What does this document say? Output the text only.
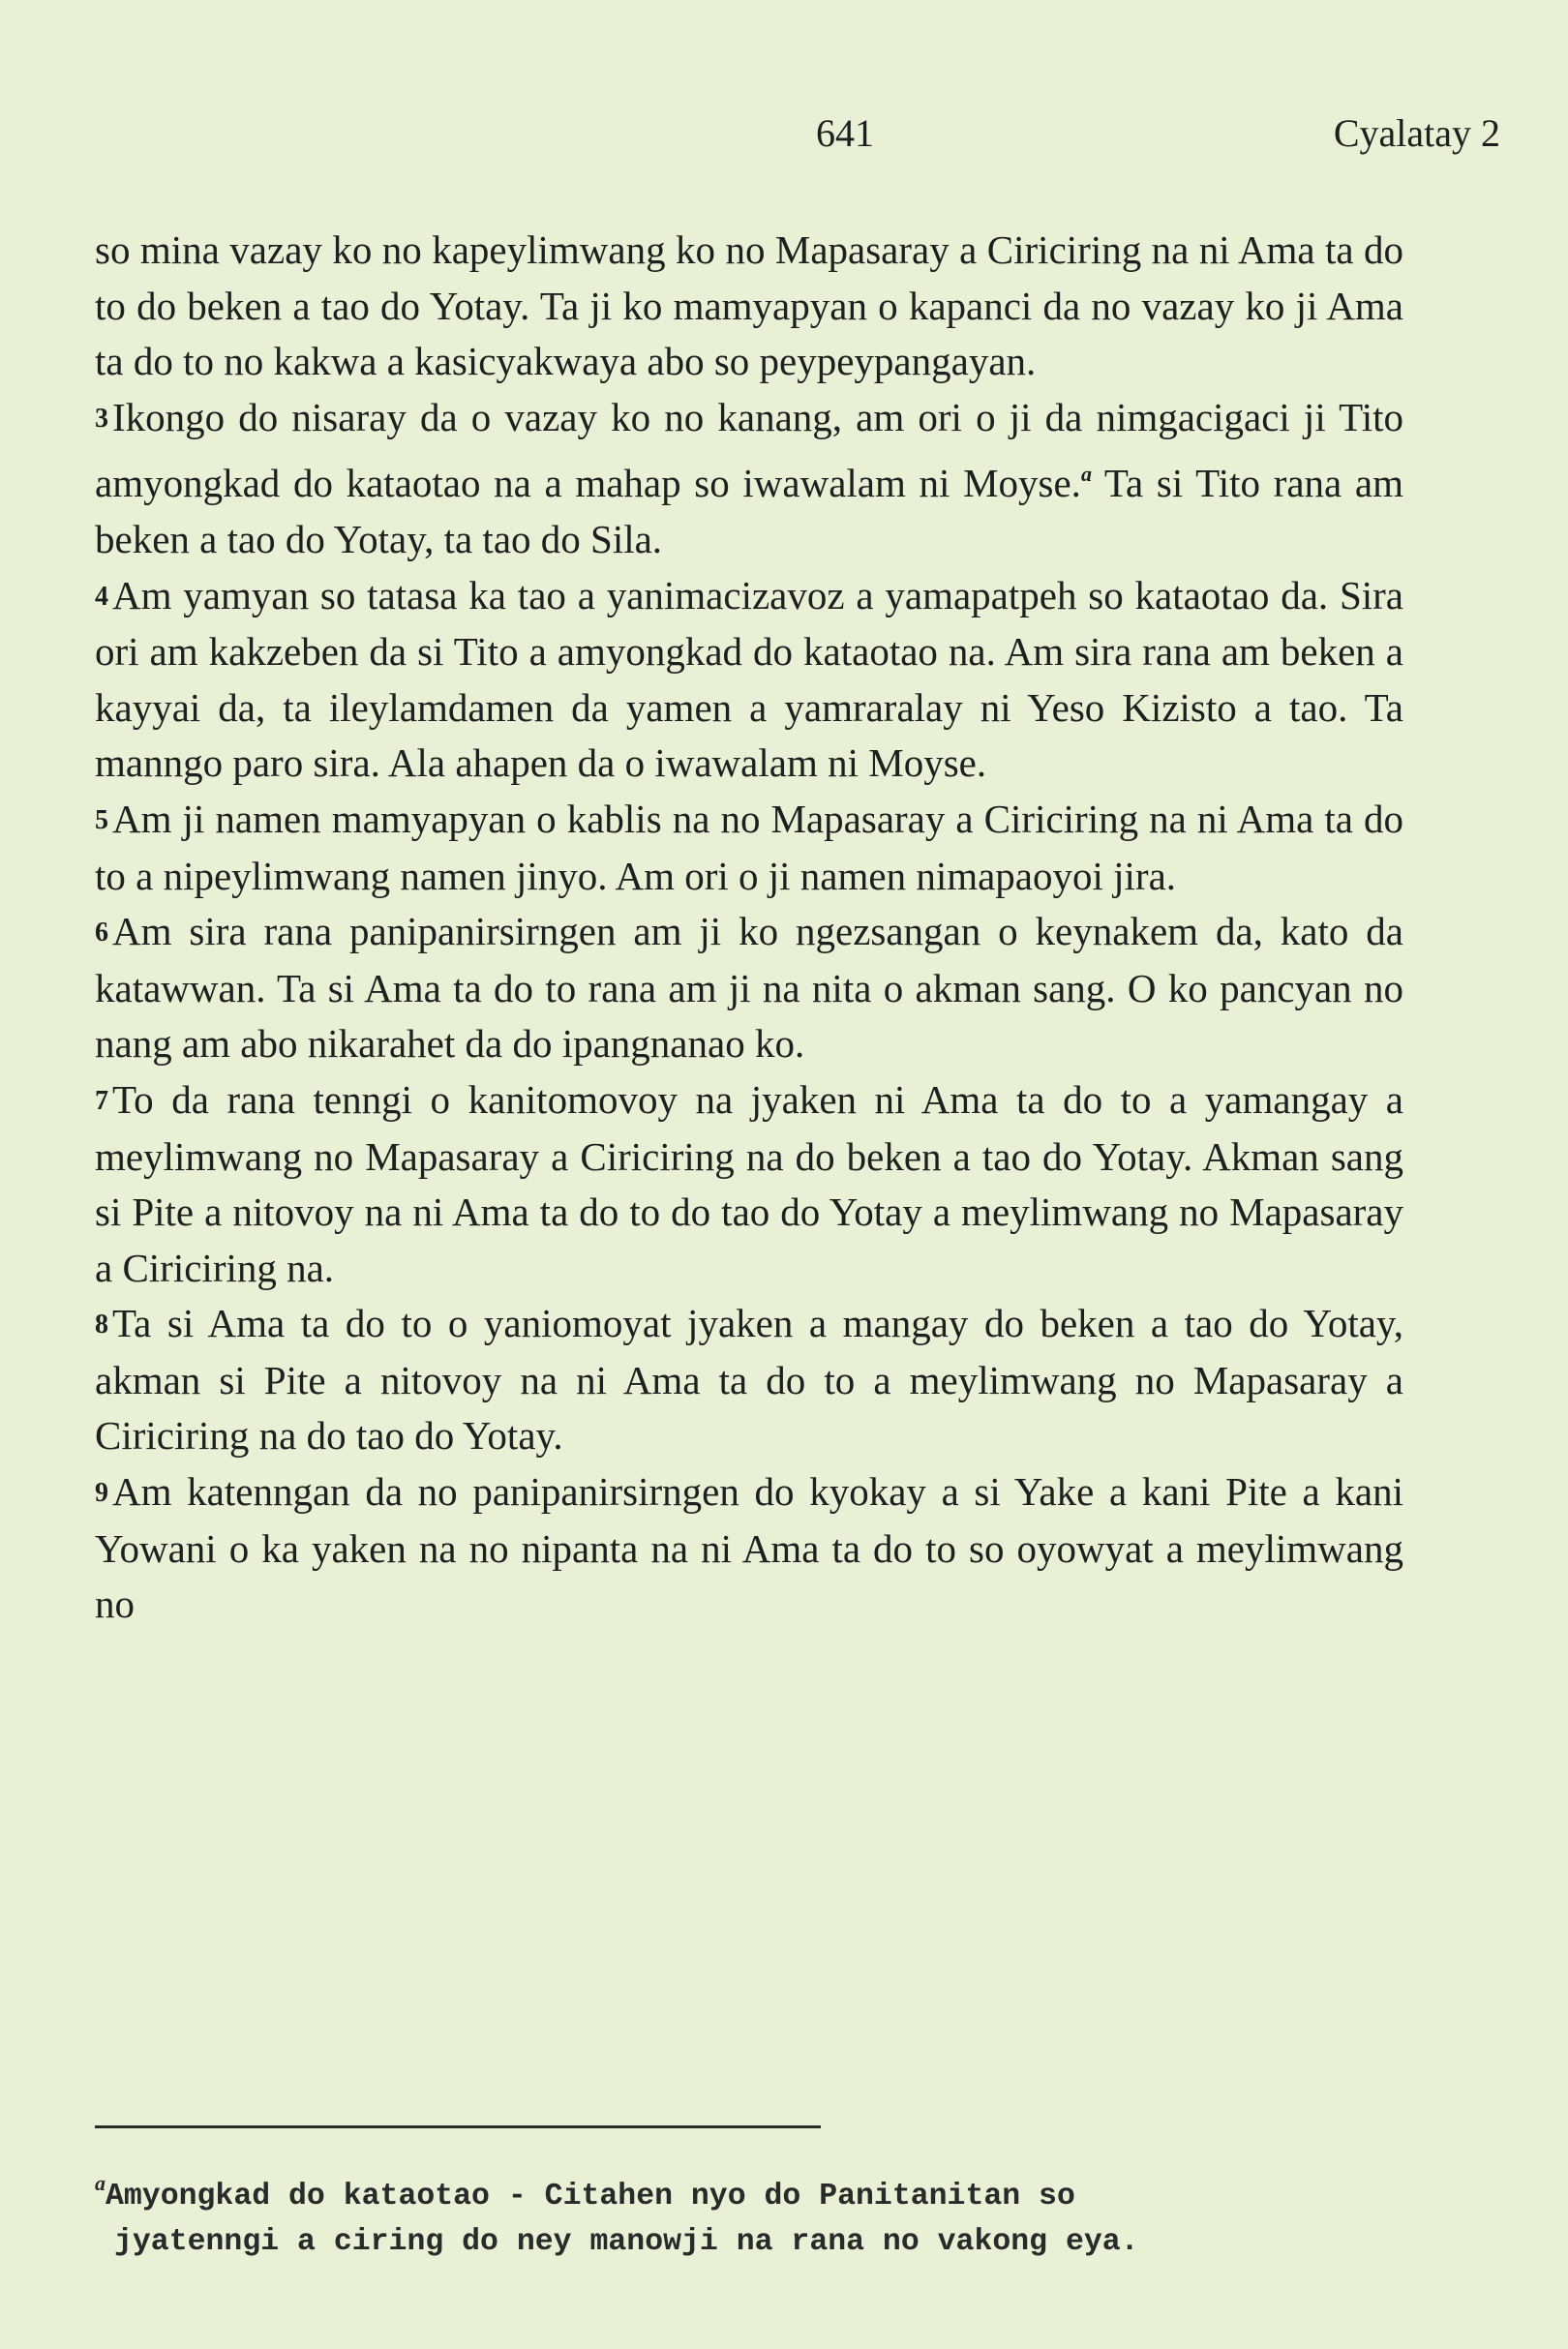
641	Cyalatay 2

so mina vazay ko no kapeylimwang ko no Mapasaray a Ciriciring na ni Ama ta do to do beken a tao do Yotay. Ta ji ko mamyapyan o kapanci da no vazay ko ji Ama ta do to no kakwa a kasicyakwaya abo so peypeypangayan.

3Ikongo do nisaray da o vazay ko no kanang, am ori o ji da nimgacigaci ji Tito amyongkad do kataotao na a mahap so iwawalam ni Moyse.$^a$ Ta si Tito rana am beken a tao do Yotay, ta tao do Sila.

4Am yamyan so tatasa ka tao a yanimacizavoz a yamapatpeh so kataotao da. Sira ori am kakzeben da si Tito a amyongkad do kataotao na. Am sira rana am beken a kayyai da, ta ileylamdamen da yamen a yamraralay ni Yeso Kizisto a tao. Ta manngo paro sira. Ala ahapen da o iwawalam ni Moyse.

5Am ji namen mamyapyan o kablis na no Mapasaray a Ciriciring na ni Ama ta do to a nipeylimwang namen jinyo. Am ori o ji namen nimapaoyoi jira.

6Am sira rana panipanirsirngen am ji ko ngezsangan o keynakem da, kato da katawwan. Ta si Ama ta do to rana am ji na nita o akman sang. O ko pancyan no nang am abo nikarahet da do ipangnanao ko.

7To da rana tenngi o kanitomovoy na jyaken ni Ama ta do to a yamangay a meylimwang no Mapasaray a Ciriciring na do beken a tao do Yotay. Akman sang si Pite a nitovoy na ni Ama ta do to do tao do Yotay a meylimwang no Mapasaray a Ciriciring na.

8Ta si Ama ta do to o yaniomoyat jyaken a mangay do beken a tao do Yotay, akman si Pite a nitovoy na ni Ama ta do to a meylimwang no Mapasaray a Ciriciring na do tao do Yotay.

9Am katenngan da no panipanirsirngen do kyokay a si Yake a kani Pite a kani Yowani o ka yaken na no nipanta na ni Ama ta do to so oyowyat a meylimwang no

$^a$Amyongkad do kataotao - Citahen nyo do Panitanitan so
jyatenngi a ciring do ney manowji na rana no vakong eya.
